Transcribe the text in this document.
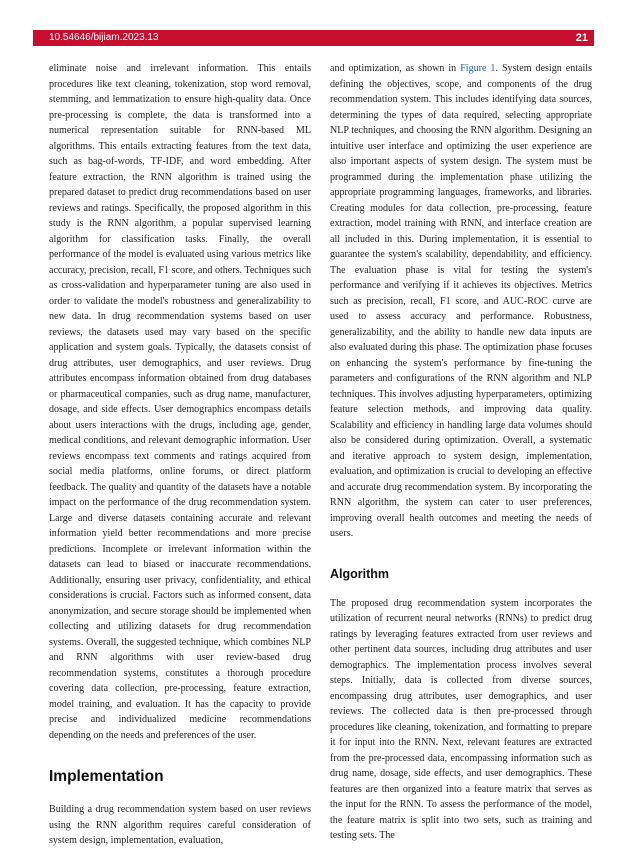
10.54646/bijiam.2023.13	21

eliminate noise and irrelevant information. This entails procedures like text cleaning, tokenization, stop word removal, stemming, and lemmatization to ensure high-quality data. Once pre-processing is complete, the data is transformed into a numerical representation suitable for RNN-based ML algorithms. This entails extracting features from the text data, such as bag-of-words, TF-IDF, and word embedding. After feature extraction, the RNN algorithm is trained using the prepared dataset to predict drug recommendations based on user reviews and ratings. Specifically, the proposed algorithm in this study is the RNN algorithm, a popular supervised learning algorithm for classification tasks. Finally, the overall performance of the model is evaluated using various metrics like accuracy, precision, recall, F1 score, and others. Techniques such as cross-validation and hyperparameter tuning are also used in order to validate the model's robustness and generalizability to new data. In drug recommendation systems based on user reviews, the datasets used may vary based on the specific application and system goals. Typically, the datasets consist of drug attributes, user demographics, and user reviews. Drug attributes encompass information obtained from drug databases or pharmaceutical companies, such as drug name, manufacturer, dosage, and side effects. User demographics encompass details about users interactions with the drugs, including age, gender, medical conditions, and relevant demographic information. User reviews encompass text comments and ratings acquired from social media platforms, online forums, or direct platform feedback. The quality and quantity of the datasets have a notable impact on the performance of the drug recommendation system. Large and diverse datasets containing accurate and relevant information yield better recommendations and more precise predictions. Incomplete or irrelevant information within the datasets can lead to biased or inaccurate recommendations. Additionally, ensuring user privacy, confidentiality, and ethical considerations is crucial. Factors such as informed consent, data anonymization, and secure storage should be implemented when collecting and utilizing datasets for drug recommendation systems. Overall, the suggested technique, which combines NLP and RNN algorithms with user review-based drug recommendation systems, constitutes a thorough procedure covering data collection, pre-processing, feature extraction, model training, and evaluation. It has the capacity to provide precise and individualized medicine recommendations depending on the needs and preferences of the user.

Implementation

Building a drug recommendation system based on user reviews using the RNN algorithm requires careful consideration of system design, implementation, evaluation,

and optimization, as shown in Figure 1. System design entails defining the objectives, scope, and components of the drug recommendation system. This includes identifying data sources, determining the types of data required, selecting appropriate NLP techniques, and choosing the RNN algorithm. Designing an intuitive user interface and optimizing the user experience are also important aspects of system design. The system must be programmed during the implementation phase utilizing the appropriate programming languages, frameworks, and libraries. Creating modules for data collection, pre-processing, feature extraction, model training with RNN, and interface creation are all included in this. During implementation, it is essential to guarantee the system's scalability, dependability, and efficiency. The evaluation phase is vital for testing the system's performance and verifying if it achieves its objectives. Metrics such as precision, recall, F1 score, and AUC-ROC curve are used to assess accuracy and performance. Robustness, generalizability, and the ability to handle new data inputs are also evaluated during this phase. The optimization phase focuses on enhancing the system's performance by fine-tuning the parameters and configurations of the RNN algorithm and NLP techniques. This involves adjusting hyperparameters, optimizing feature selection methods, and improving data quality. Scalability and efficiency in handling large data volumes should also be considered during optimization. Overall, a systematic and iterative approach to system design, implementation, evaluation, and optimization is crucial to developing an effective and accurate drug recommendation system. By incorporating the RNN algorithm, the system can cater to user preferences, improving overall health outcomes and meeting the needs of users.

Algorithm

The proposed drug recommendation system incorporates the utilization of recurrent neural networks (RNNs) to predict drug ratings by leveraging features extracted from user reviews and other pertinent data sources, including drug attributes and user demographics. The implementation process involves several steps. Initially, data is collected from diverse sources, encompassing drug attributes, user demographics, and user reviews. The collected data is then pre-processed through procedures like cleaning, tokenization, and formatting to prepare it for input into the RNN. Next, relevant features are extracted from the pre-processed data, encompassing information such as drug name, dosage, side effects, and user demographics. These features are then organized into a feature matrix that serves as the input for the RNN. To assess the performance of the model, the feature matrix is split into two sets, such as training and testing sets. The
